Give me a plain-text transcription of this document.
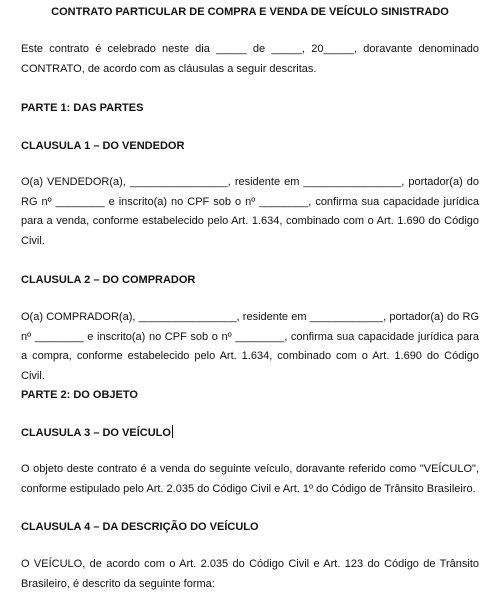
CONTRATO PARTICULAR DE COMPRA E VENDA DE VEÍCULO SINISTRADO
Este contrato é celebrado neste dia _____ de _____, 20_____, doravante denominado CONTRATO, de acordo com as cláusulas a seguir descritas.
PARTE 1: DAS PARTES
CLAUSULA 1 – DO VENDEDOR
O(a) VENDEDOR(a), ________________, residente em ________________, portador(a) do RG nº ________ e inscrito(a) no CPF sob o nº ________, confirma sua capacidade jurídica para a venda, conforme estabelecido pelo Art. 1.634, combinado com o Art. 1.690 do Código Civil.
CLAUSULA 2 – DO COMPRADOR
O(a) COMPRADOR(a), ________________, residente em ____________, portador(a) do RG nº ________ e inscrito(a) no CPF sob o nº ________, confirma sua capacidade jurídica para a compra, conforme estabelecido pelo Art. 1.634, combinado com o Art. 1.690 do Código Civil.
PARTE 2: DO OBJETO
CLAUSULA 3 – DO VEÍCULO
O objeto deste contrato é a venda do seguinte veículo, doravante referido como "VEÍCULO", conforme estipulado pelo Art. 2.035 do Código Civil e Art. 1º do Código de Trânsito Brasileiro.
CLAUSULA 4 – DA DESCRIÇÃO DO VEÍCULO
O VEÍCULO, de acordo com o Art. 2.035 do Código Civil e Art. 123 do Código de Trânsito Brasileiro, é descrito da seguinte forma:
